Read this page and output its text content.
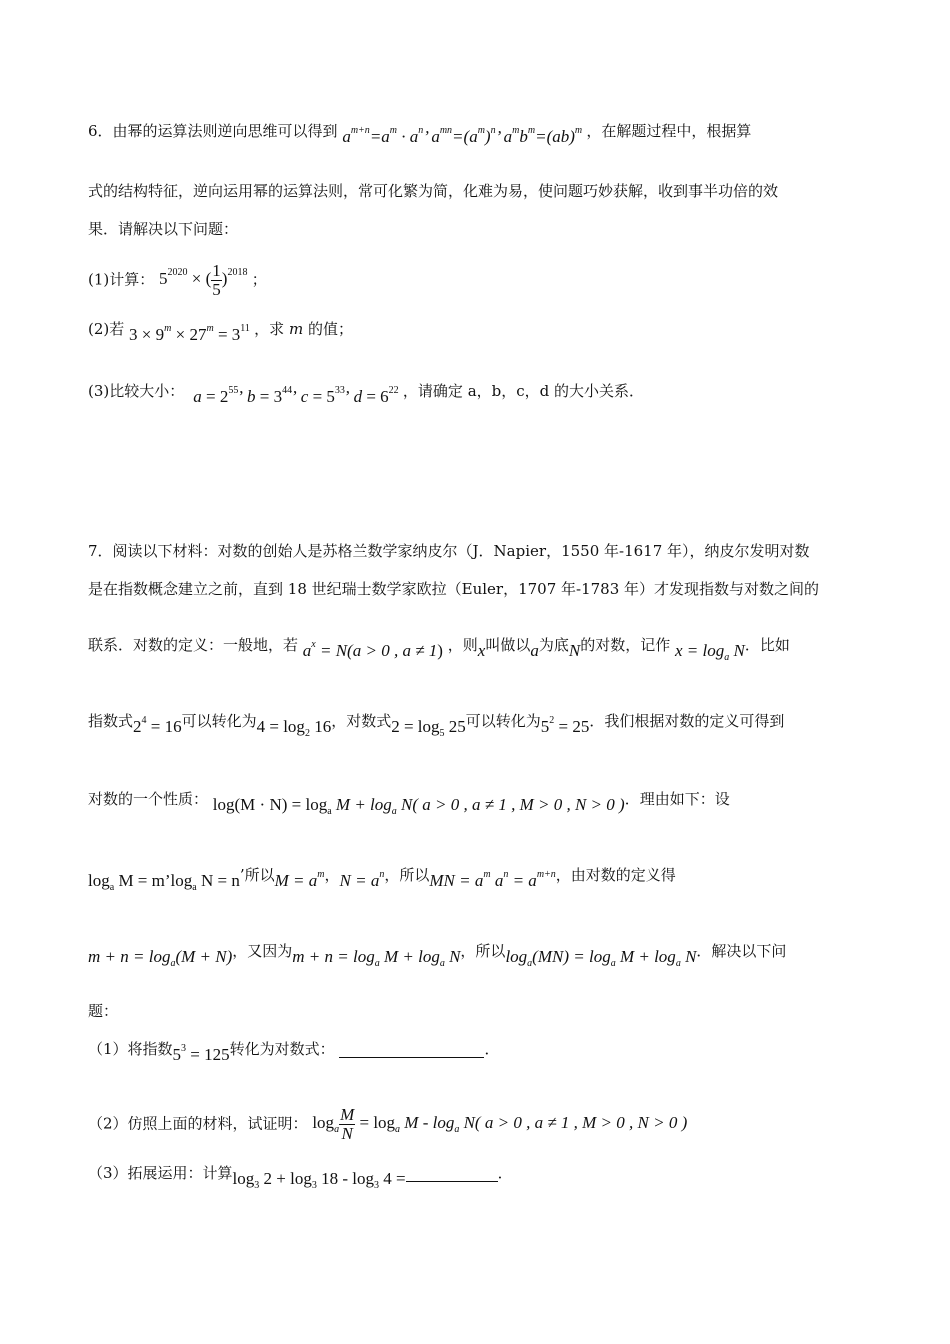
6．由幂的运算法则逆向思维可以得到 $a^{m+n}=a^m \cdot a^n$’ $a^{mn}=(a^m)^n$’ $a^mb^m=(ab)^m$ ，在解题过程中，根据算
式的结构特征，逆向运用幂的运算法则，常可化繁为简，化难为易，使问题巧妙获解，收到事半功倍的效
果．请解决以下问题：
(1)计算： $5^{2020}$ × ( $\frac{1}{5} )^{2018}$ ；
(2)若 $3 \times 9^m \times 27^m = 3^{11}$ ，求 m 的值；
(3)比较大小： $a = 2^{55}$’ $b = 3^{44}$’ $c = 5^{33}$’ $d = 6^{22}$ ，请确定 a，b，c，d 的大小关系．
7．阅读以下材料：对数的创始人是苏格兰数学家纳皮尔（J．Napier，1550 年-1617 年），纳皮尔发明对数
是在指数概念建立之前，直到 18 世纪瑞士数学家欧拉（Euler，1707 年-1783 年）才发现指数与对数之间的
联系．对数的定义：一般地，若 $a^x = N(a > 0$ , a ≠ 1) ，则x叫做以a为底N的对数，记作 $x = \log_a N$．比如
指数式$2^4 = 16$可以转化为$4 = \log_2 16$，对数式$2 = \log_5 25$可以转化为$5^2 = 25$．我们根据对数的定义可得到
对数的一个性质： $\log(M \cdot N) = \log_a M + \log_a N$( a > 0 , a ≠ 1 , M > 0 , N > 0 )．理由如下：设
$\log_a M$ = $m’\log_a$ N = n’所以$M = a^m$，$N = a^n$，所以MN = $a^m$ $a^n = a^{m+n}$，由对数的定义得
$m + n = \log_a(M + N)$，又因为$m + n = \log_a M + \log_a N$，所以$\log_a(MN) = \log_a M + \log_a N$．解决以下问
题：
（1）将指数$5^3 = 125$转化为对数式：	．
（2）仿照上面的材料，试证明： $\log_a \frac{M}{N} = \log_a M - \log_a N$( a > 0 , a ≠ 1 , M > 0 , N > 0 )
（3）拓展运用：计算$\log_3 2 + \log_3 18 - \log_3 4$ =	．
